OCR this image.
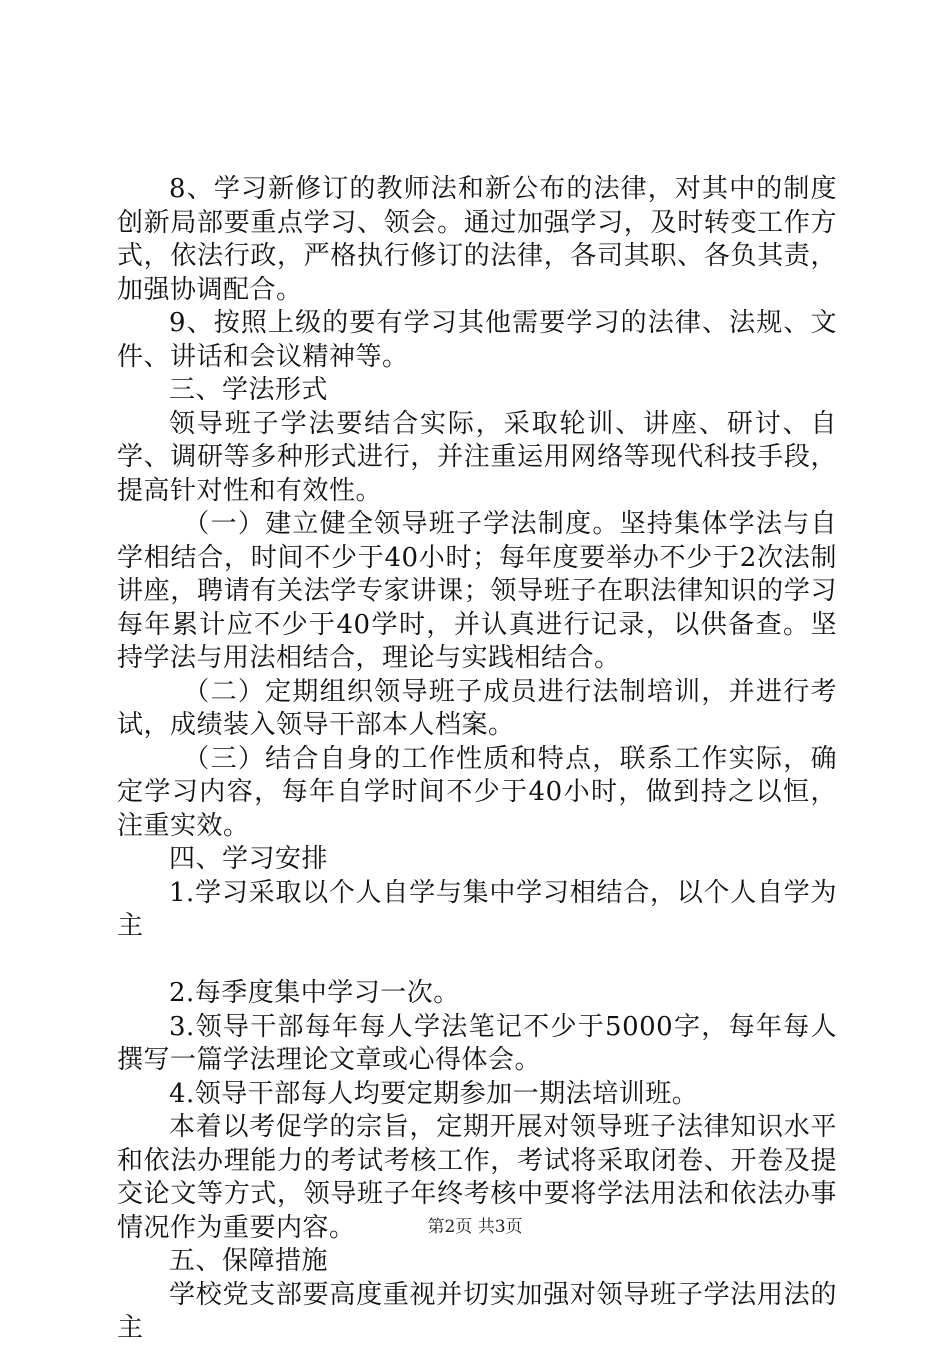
8、学习新修订的教师法和新公布的法律，对其中的制度创新局部要重点学习、领会。通过加强学习，及时转变工作方式，依法行政，严格执行修订的法律，各司其职、各负其责，加强协调配合。

9、按照上级的要有学习其他需要学习的法律、法规、文件、讲话和会议精神等。

三、学法形式

领导班子学法要结合实际，采取轮训、讲座、研讨、自学、调研等多种形式进行，并注重运用网络等现代科技手段，提高针对性和有效性。

（一）建立健全领导班子学法制度。坚持集体学法与自学相结合，时间不少于40小时；每年度要举办不少于2次法制讲座，聘请有关法学专家讲课；领导班子在职法律知识的学习每年累计应不少于40学时，并认真进行记录，以供备查。坚持学法与用法相结合，理论与实践相结合。

（二）定期组织领导班子成员进行法制培训，并进行考试，成绩装入领导干部本人档案。

（三）结合自身的工作性质和特点，联系工作实际，确定学习内容，每年自学时间不少于40小时，做到持之以恒，注重实效。

四、学习安排

1.学习采取以个人自学与集中学习相结合，以个人自学为主

2.每季度集中学习一次。

3.领导干部每年每人学法笔记不少于5000字，每年每人撰写一篇学法理论文章或心得体会。

4.领导干部每人均要定期参加一期法培训班。

本着以考促学的宗旨，定期开展对领导班子法律知识水平和依法办理能力的考试考核工作，考试将采取闭卷、开卷及提交论文等方式，领导班子年终考核中要将学法用法和依法办事情况作为重要内容。

五、保障措施

学校党支部要高度重视并切实加强对领导班子学法用法的主

第2页 共3页
